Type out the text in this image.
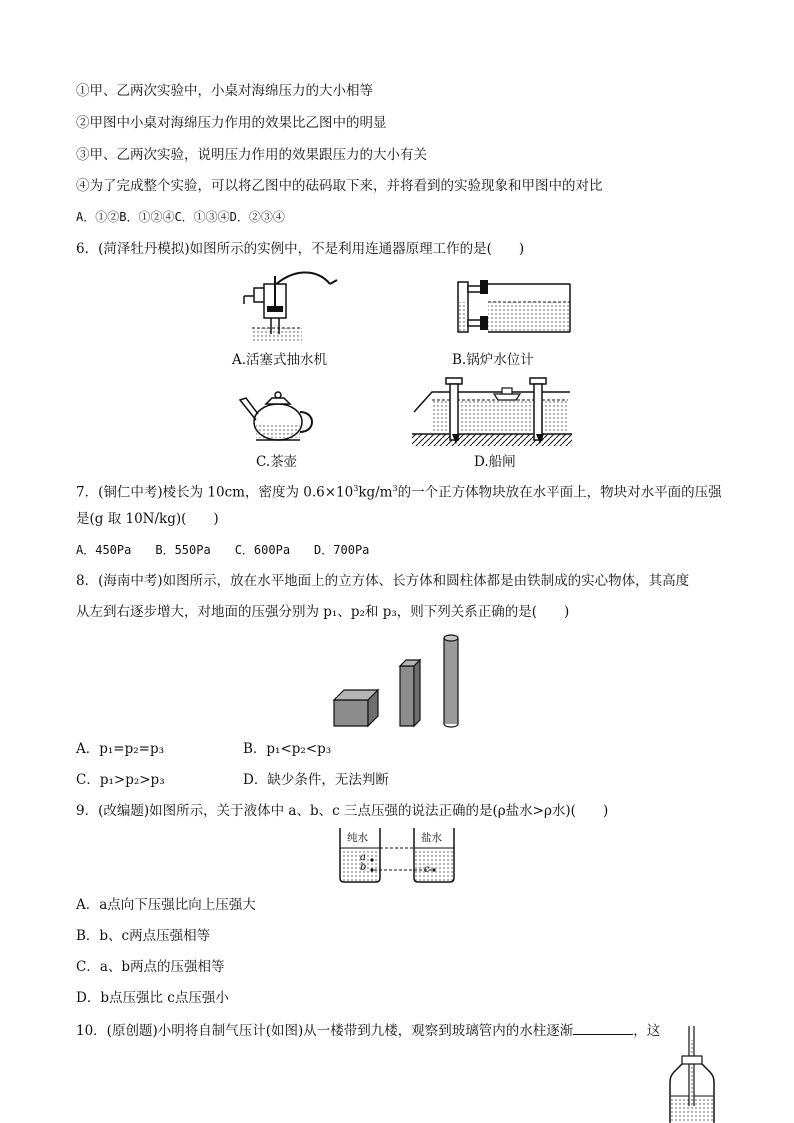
①甲、乙两次实验中，小桌对海绵压力的大小相等
②甲图中小桌对海绵压力作用的效果比乙图中的明显
③甲、乙两次实验，说明压力作用的效果跟压力的大小有关
④为了完成整个实验，可以将乙图中的砝码取下来，并将看到的实验现象和甲图中的对比
A．①②B．①②④C．①③④D．②③④
6．(菏泽牡丹模拟)如图所示的实例中，不是利用连通器原理工作的是(　　)
A.活塞式抽水机	B.锅炉水位计
C.茶壶	D.船闸
7．(铜仁中考)棱长为 10cm，密度为 $0.6\times 10^3kg/m^3$的一个正方体物块放在水平面上，物块对水平面的压强
是(g 取 10N/kg)(　　)
A．450Pa　　B．550Pa　　C．600Pa　　D．700Pa
8．(海南中考)如图所示，放在水平地面上的立方体、长方体和圆柱体都是由铁制成的实心物体，其高度
从左到右逐步增大，对地面的压强分别为 p₁、p₂和 p₃，则下列关系正确的是(　　)
A．p₁=p₂=p₃	B．p₁<p₂<p₃
C．p₁>p₂>p₃	D．缺少条件，无法判断
9．(改编题)如图所示，关于液体中 a、b、c 三点压强的说法正确的是(ρ盐水>ρ水)(　　)
a
b	c
纯水	盐水
A．a点向下压强比向上压强大
B．b、c两点压强相等
C．a、b两点的压强相等
D．b点压强比 c点压强小
10．(原创题)小明将自制气压计(如图)从一楼带到九楼，观察到玻璃管内的水柱逐渐	，这
